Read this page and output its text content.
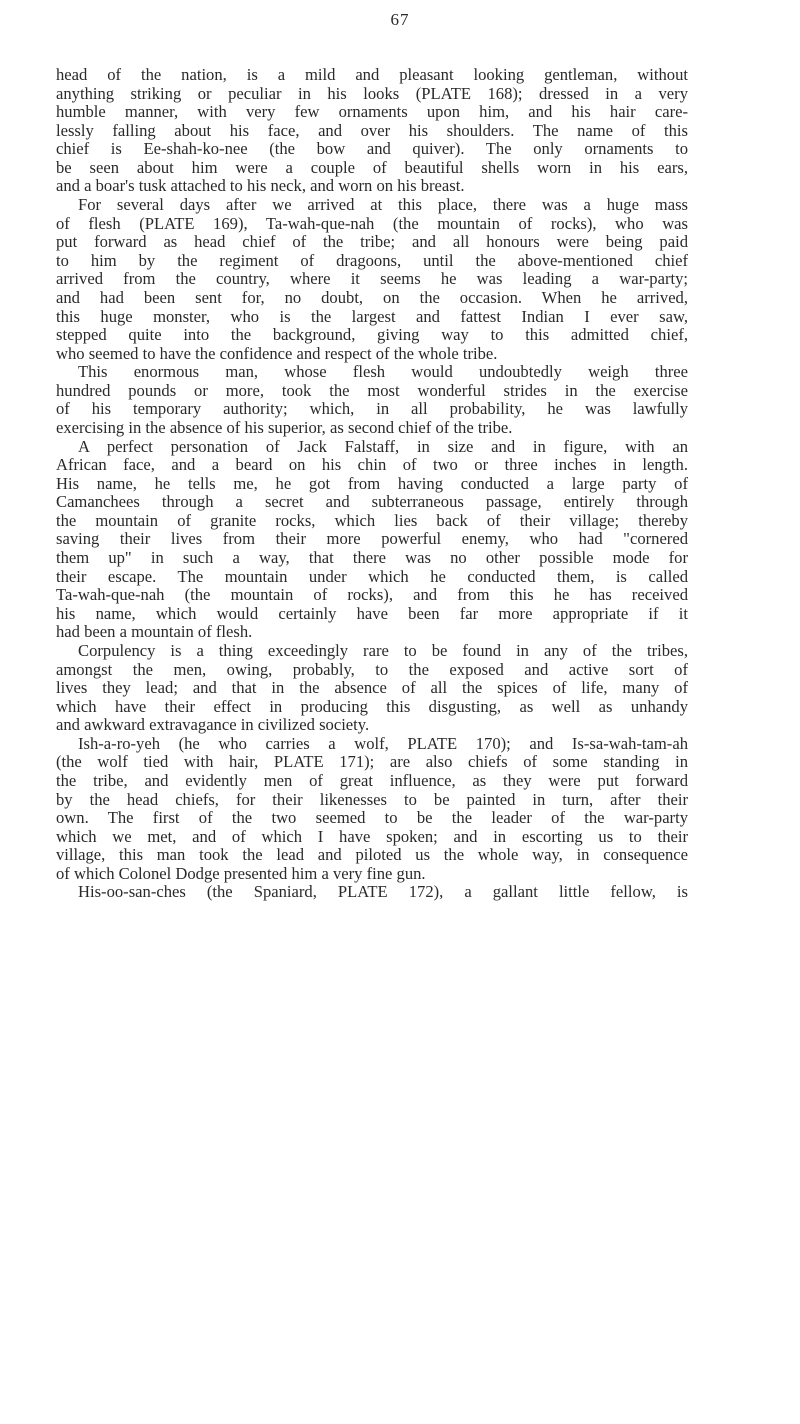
67
head of the nation, is a mild and pleasant looking gentleman, without
anything striking or peculiar in his looks (PLATE 168); dressed in a very
humble manner, with very few ornaments upon him, and his hair care-
lessly falling about his face, and over his shoulders. The name of this
chief is Ee-shah-ko-nee (the bow and quiver). The only ornaments to
be seen about him were a couple of beautiful shells worn in his ears,
and a boar's tusk attached to his neck, and worn on his breast.
For several days after we arrived at this place, there was a huge mass
of flesh (PLATE 169), Ta-wah-que-nah (the mountain of rocks), who was
put forward as head chief of the tribe; and all honours were being paid
to him by the regiment of dragoons, until the above-mentioned chief
arrived from the country, where it seems he was leading a war-party;
and had been sent for, no doubt, on the occasion. When he arrived,
this huge monster, who is the largest and fattest Indian I ever saw,
stepped quite into the background, giving way to this admitted chief,
who seemed to have the confidence and respect of the whole tribe.
This enormous man, whose flesh would undoubtedly weigh three
hundred pounds or more, took the most wonderful strides in the exercise
of his temporary authority; which, in all probability, he was lawfully
exercising in the absence of his superior, as second chief of the tribe.
A perfect personation of Jack Falstaff, in size and in figure, with an
African face, and a beard on his chin of two or three inches in length.
His name, he tells me, he got from having conducted a large party of
Camanchees through a secret and subterraneous passage, entirely through
the mountain of granite rocks, which lies back of their village; thereby
saving their lives from their more powerful enemy, who had "cornered
them up" in such a way, that there was no other possible mode for
their escape. The mountain under which he conducted them, is called
Ta-wah-que-nah (the mountain of rocks), and from this he has received
his name, which would certainly have been far more appropriate if it
had been a mountain of flesh.
Corpulency is a thing exceedingly rare to be found in any of the tribes,
amongst the men, owing, probably, to the exposed and active sort of
lives they lead; and that in the absence of all the spices of life, many of
which have their effect in producing this disgusting, as well as unhandy
and awkward extravagance in civilized society.
Ish-a-ro-yeh (he who carries a wolf, PLATE 170); and Is-sa-wah-tam-ah
(the wolf tied with hair, PLATE 171); are also chiefs of some standing in
the tribe, and evidently men of great influence, as they were put forward
by the head chiefs, for their likenesses to be painted in turn, after their
own. The first of the two seemed to be the leader of the war-party
which we met, and of which I have spoken; and in escorting us to their
village, this man took the lead and piloted us the whole way, in consequence
of which Colonel Dodge presented him a very fine gun.
His-oo-san-ches (the Spaniard, PLATE 172), a gallant little fellow, is
